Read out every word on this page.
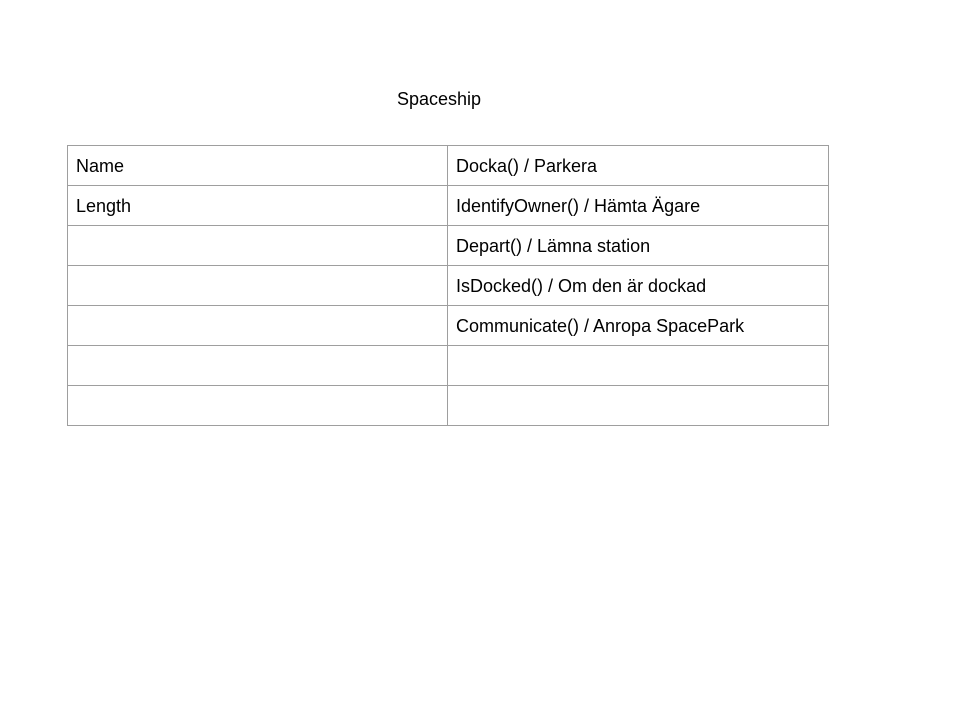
Spaceship
Name	Docka() / Parkera
Length	IdentifyOwner() / Hämta Ägare
	Depart() / Lämna station
	IsDocked() / Om den är dockad
	Communicate() / Anropa SpacePark
